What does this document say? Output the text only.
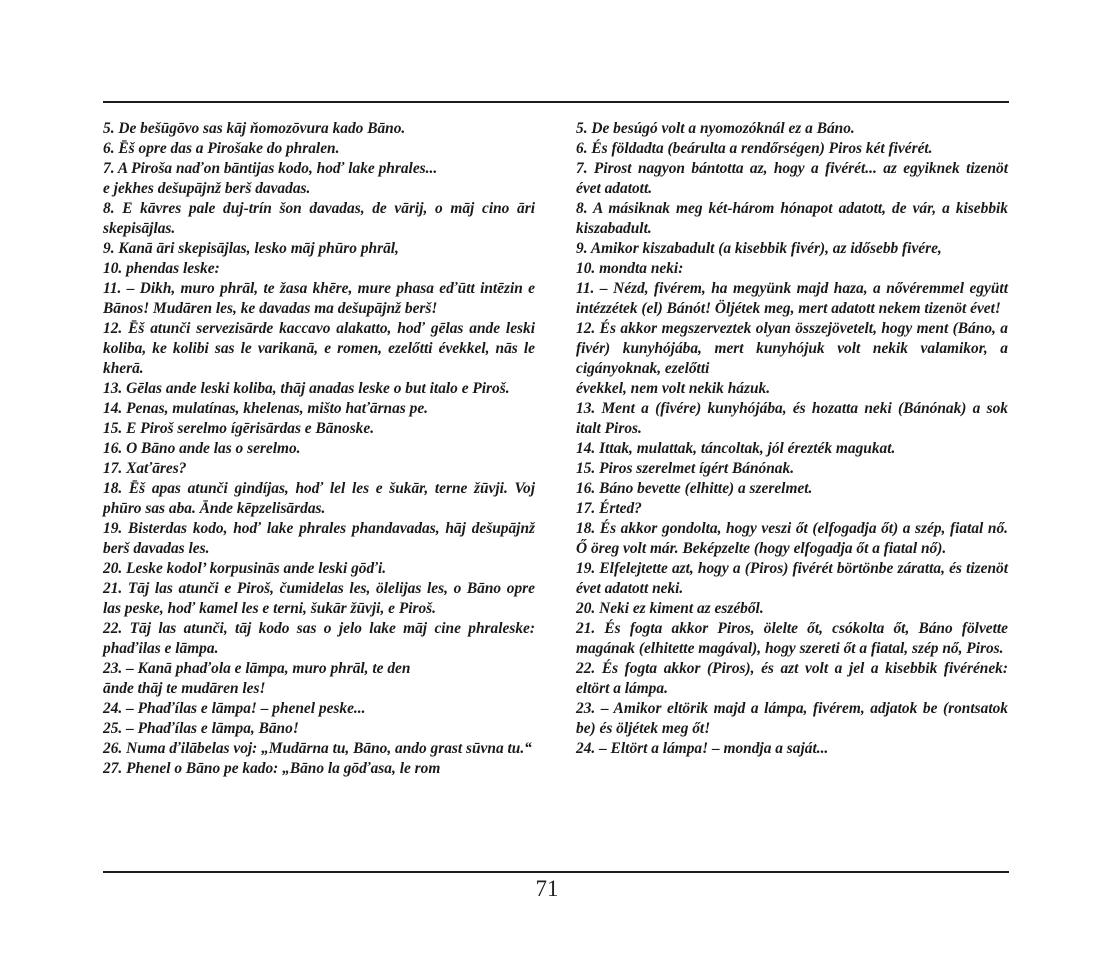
5. De bešūgōvo sas kāj ňomozōvura kado Bāno.

6. Ēš opre das a Pirošake do phralen.

7. A Piroša naďon bāntijas kodo, hoď lake phrales...

e jekhes dešupājnž berš davadas.

8. E kāvres pale duj-trín šon davadas, de vārij, o māj cino āri skepisājlas.

9. Kanā āri skepisājlas, lesko māj phūro phrāl,

10. phendas leske:

11. – Dikh, muro phrāl, te žasa khēre, mure phasa eďūtt intēzin e Bānos! Mudāren les, ke davadas ma dešupājnž berš!

12. Ēš atunči servezisārde kaccavo alakatto, hoď gēlas ande leski koliba, ke kolibi sas le varikanā, e romen, ezelőtti évekkel, nās le kherā.

13. Gēlas ande leski koliba, thāj anadas leske o but italo e Piroš.

14. Penas, mulatínas, khelenas, mišto haťārnas pe.

15. E Piroš serelmo ígērisārdas e Bānoske.

16. O Bāno ande las o serelmo.

17. Xaťāres?

18. Ēš apas atunči gindíjas, hoď lel les e šukār, terne žūvji. Voj phūro sas aba. Ānde kēpzelisārdas.

19. Bisterdas kodo, hoď lake phrales phandavadas, hāj dešupājnž berš davadas les.

20. Leske kodol’ korpusinās ande leski gōďi.

21. Tāj las atunči e Piroš, čumidelas les, ölelijas les, o Bāno opre las peske, hoď kamel les e terni, šukār žūvji, e Piroš.

22. Tāj las atunči, tāj kodo sas o jelo lake māj cine phraleske: phaďilas e lāmpa.

23. – Kanā phaďola e lāmpa, muro phrāl, te den

ānde thāj te mudāren les!

24. – Phaďílas e lāmpa! – phenel peske...

25. – Phaďílas e lāmpa, Bāno!

26. Numa ďilābelas voj: „Mudārna tu, Bāno, ando grast sūvna tu.“

27. Phenel o Bāno pe kado: „Bāno la gōďasa, le rom

5. De besúgó volt a nyomozóknál ez a Báno.

6. És földadta (beárulta a rendőrségen) Piros két fivérét.

7. Pirost nagyon bántotta az, hogy a fivérét... az egyiknek tizenöt évet adatott.

8. A másiknak meg két-három hónapot adatott, de vár, a kisebbik kiszabadult.

9. Amikor kiszabadult (a kisebbik fivér), az idősebb fivére,

10. mondta neki:

11. – Nézd, fivérem, ha megyünk majd haza, a nővéremmel együtt intézzétek (el) Bánót! Öljétek meg, mert adatott nekem tizenöt évet!

12. És akkor megszerveztek olyan összejövetelt, hogy ment (Báno, a fivér) kunyhójába, mert kunyhójuk volt nekik valamikor, a cigányoknak, ezelőtti

évekkel, nem volt nekik házuk.

13. Ment a (fivére) kunyhójába, és hozatta neki (Bánónak) a sok italt Piros.

14. Ittak, mulattak, táncoltak, jól érezték magukat.

15. Piros szerelmet ígért Bánónak.

16. Báno bevette (elhitte) a szerelmet.

17. Érted?

18. És akkor gondolta, hogy veszi őt (elfogadja őt) a szép, fiatal nő. Ő öreg volt már. Beképzelte (hogy elfogadja őt a fiatal nő).

19. Elfelejtette azt, hogy a (Piros) fivérét börtönbe záratta, és tizenöt évet adatott neki.

20. Neki ez kiment az eszéből.

21. És fogta akkor Piros, ölelte őt, csókolta őt, Báno fölvette magának (elhitette magával), hogy szereti őt a fiatal, szép nő, Piros.

22. És fogta akkor (Piros), és azt volt a jel a kisebbik fivérének: eltört a lámpa.

23. – Amikor eltörik majd a lámpa, fivérem, adjatok be (rontsatok be) és öljétek meg őt!

24. – Eltört a lámpa! – mondja a saját...

71
